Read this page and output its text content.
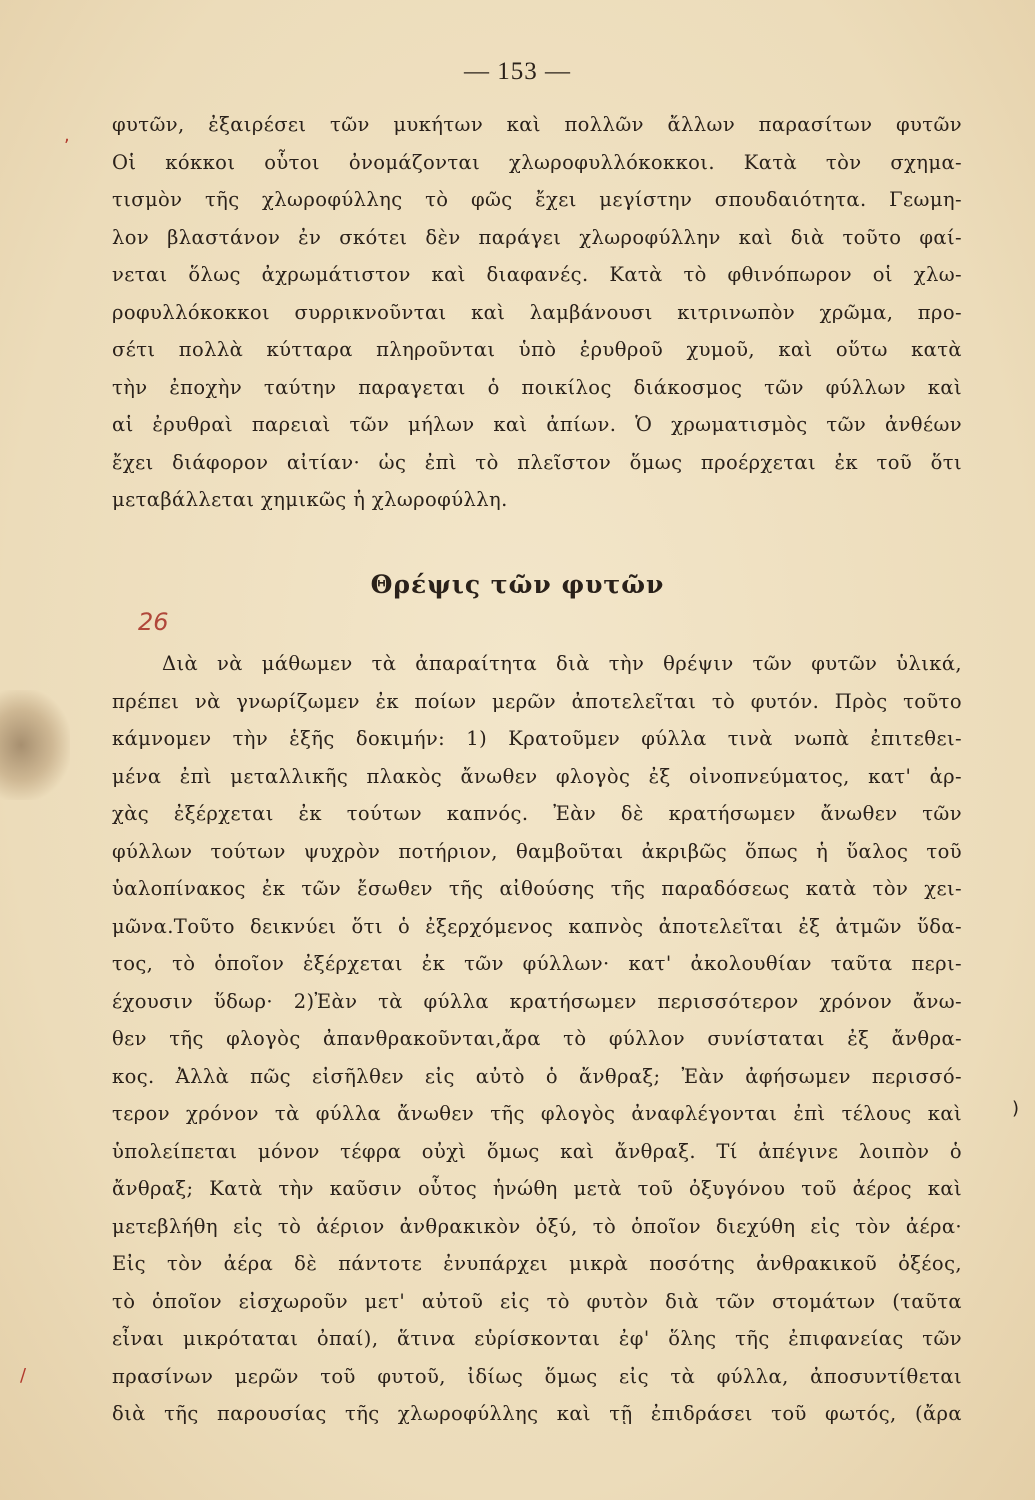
,
/
)
— 153 —
φυτῶν, ἐξαιρέσει τῶν μυκήτων καὶ πολλῶν ἄλλων παρασίτων φυτῶν
Οἱ κόκκοι οὗτοι ὀνομάζονται χλωροφυλλόκοκκοι. Κατὰ τὸν σχημα-
τισμὸν τῆς χλωροφύλλης τὸ φῶς ἔχει μεγίστην σπουδαιότητα. Γεωμη-
λον βλαστάνον ἐν σκότει δὲν παράγει χλωροφύλλην καὶ διὰ τοῦτο φαί-
νεται ὅλως ἀχρωμάτιστον καὶ διαφανές. Κατὰ τὸ φθινόπωρον οἱ χλω-
ροφυλλόκοκκοι συρρικνοῦνται καὶ λαμβάνουσι κιτρινωπὸν χρῶμα, προ-
σέτι πολλὰ κύτταρα πληροῦνται ὑπὸ ἐρυθροῦ χυμοῦ, καὶ οὕτω κατὰ
τὴν ἐποχὴν ταύτην παραγεται ὁ ποικίλος διάκοσμος τῶν φύλλων καὶ
αἱ ἐρυθραὶ παρειαὶ τῶν μήλων καὶ ἀπίων. Ὁ χρωματισμὸς τῶν ἀνθέων
ἔχει διάφορον αἰτίαν· ὡς ἐπὶ τὸ πλεῖστον ὅμως προέρχεται ἐκ τοῦ ὅτι
μεταβάλλεται χημικῶς ἡ χλωροφύλλη.
Θρέψις τῶν φυτῶν
26
Διὰ νὰ μάθωμεν τὰ ἀπαραίτητα διὰ τὴν θρέψιν τῶν φυτῶν ὑλικά,
πρέπει νὰ γνωρίζωμεν ἐκ ποίων μερῶν ἀποτελεῖται τὸ φυτόν. Πρὸς τοῦτο
κάμνομεν τὴν ἑξῆς δοκιμήν: 1) Κρατοῦμεν φύλλα τινὰ νωπὰ ἐπιτεθει-
μένα ἐπὶ μεταλλικῆς πλακὸς ἄνωθεν φλογὸς ἐξ οἰνοπνεύματος, κατ' ἀρ-
χὰς ἐξέρχεται ἐκ τούτων καπνός. Ἐὰν δὲ κρατήσωμεν ἄνωθεν τῶν
φύλλων τούτων ψυχρὸν ποτήριον, θαμβοῦται ἀκριβῶς ὅπως ἡ ὕαλος τοῦ
ὑαλοπίνακος ἐκ τῶν ἔσωθεν τῆς αἰθούσης τῆς παραδόσεως κατὰ τὸν χει-
μῶνα.Τοῦτο δεικνύει ὅτι ὁ ἐξερχόμενος καπνὸς ἀποτελεῖται ἐξ ἀτμῶν ὕδα-
τος, τὸ ὁποῖον ἐξέρχεται ἐκ τῶν φύλλων· κατ' ἀκολουθίαν ταῦτα περι-
έχουσιν ὕδωρ· 2)Ἐὰν τὰ φύλλα κρατήσωμεν περισσότερον χρόνον ἄνω-
θεν τῆς φλογὸς ἀπανθρακοῦνται,ἄρα τὸ φύλλον συνίσταται ἐξ ἄνθρα-
κος. Ἀλλὰ πῶς εἰσῆλθεν εἰς αὐτὸ ὁ ἄνθραξ; Ἐὰν ἀφήσωμεν περισσό-
τερον χρόνον τὰ φύλλα ἄνωθεν τῆς φλογὸς ἀναφλέγονται ἐπὶ τέλους καὶ
ὑπολείπεται μόνον τέφρα οὐχὶ ὅμως καὶ ἄνθραξ. Τί ἀπέγινε λοιπὸν ὁ
ἄνθραξ; Κατὰ τὴν καῦσιν οὗτος ἡνώθη μετὰ τοῦ ὀξυγόνου τοῦ ἀέρος καὶ
μετεβλήθη εἰς τὸ ἀέριον ἀνθρακικὸν ὀξύ, τὸ ὁποῖον διεχύθη εἰς τὸν ἀέρα·
Εἰς τὸν ἀέρα δὲ πάντοτε ἐνυπάρχει μικρὰ ποσότης ἀνθρακικοῦ ὀξέος,
τὸ ὁποῖον εἰσχωροῦν μετ' αὐτοῦ εἰς τὸ φυτὸν διὰ τῶν στομάτων (ταῦτα
εἶναι μικρόταται ὀπαί), ἅτινα εὑρίσκονται ἐφ' ὅλης τῆς ἐπιφανείας τῶν
πρασίνων μερῶν τοῦ φυτοῦ, ἰδίως ὅμως εἰς τὰ φύλλα, ἀποσυντίθεται
διὰ τῆς παρουσίας τῆς χλωροφύλλης καὶ τῇ ἐπιδράσει τοῦ φωτός, (ἄρα
